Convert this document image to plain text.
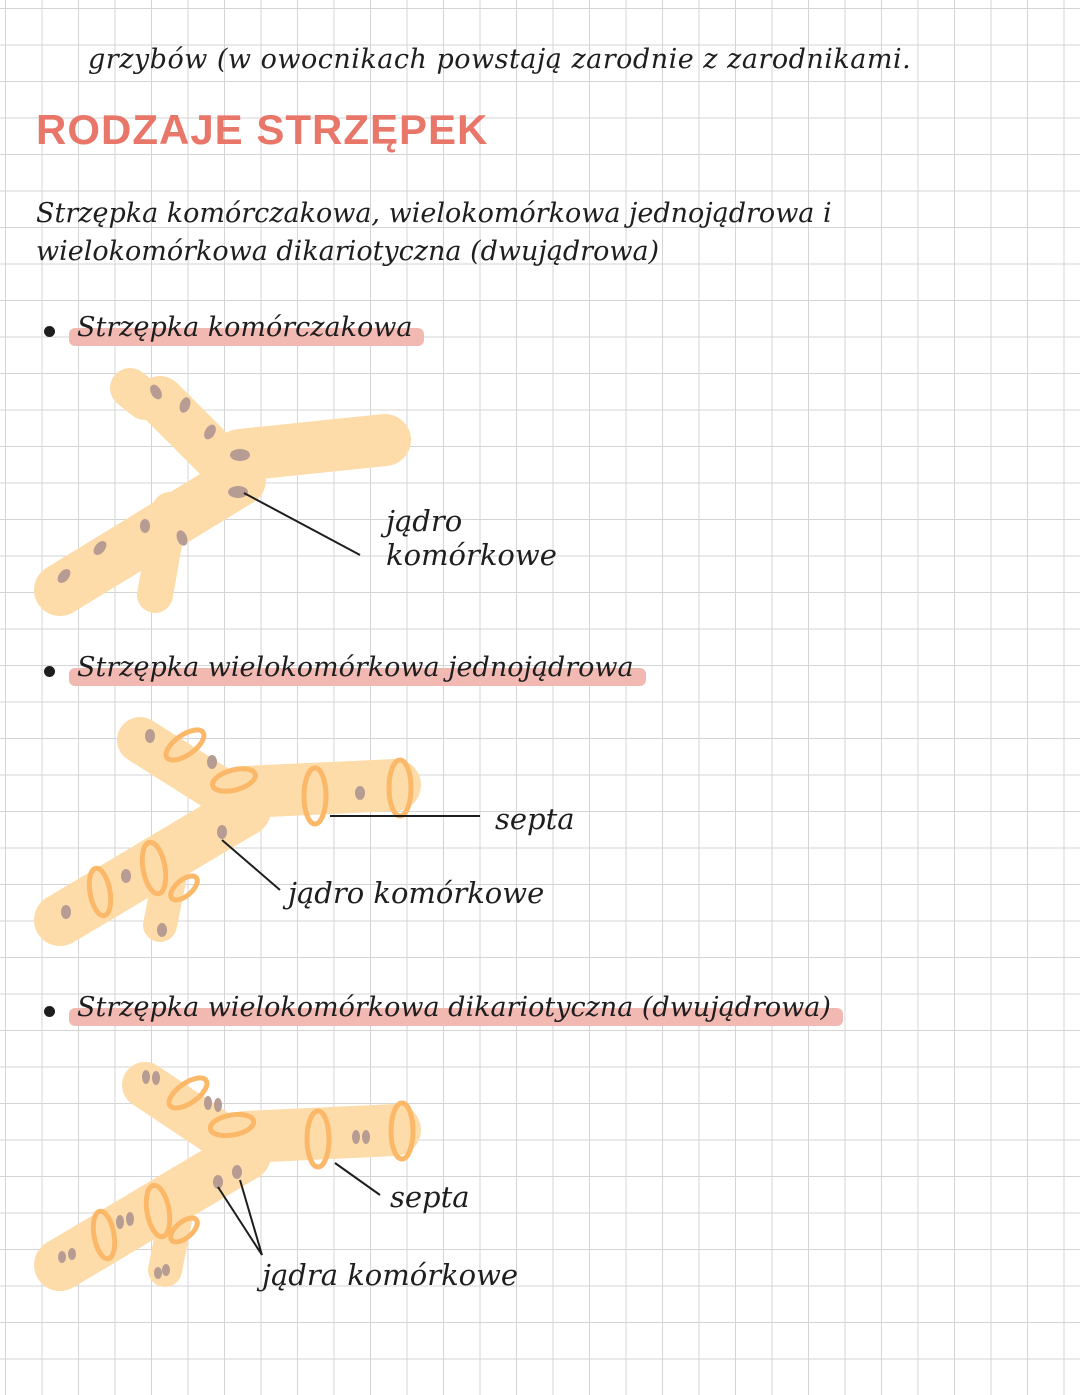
grzybów (w owocnikach powstają zarodnie z zarodnikami.
RODZAJE STRZĘPEK
Strzępka komórczakowa, wielokomórkowa jednojądrowa i
wielokomórkowa dikariotyczna (dwujądrowa)
Strzępka komórczakowa
jądro
komórkowe
Strzępka wielokomórkowa jednojądrowa
septa
jądro komórkowe
Strzępka wielokomórkowa dikariotyczna (dwujądrowa)
septa
jądra komórkowe
